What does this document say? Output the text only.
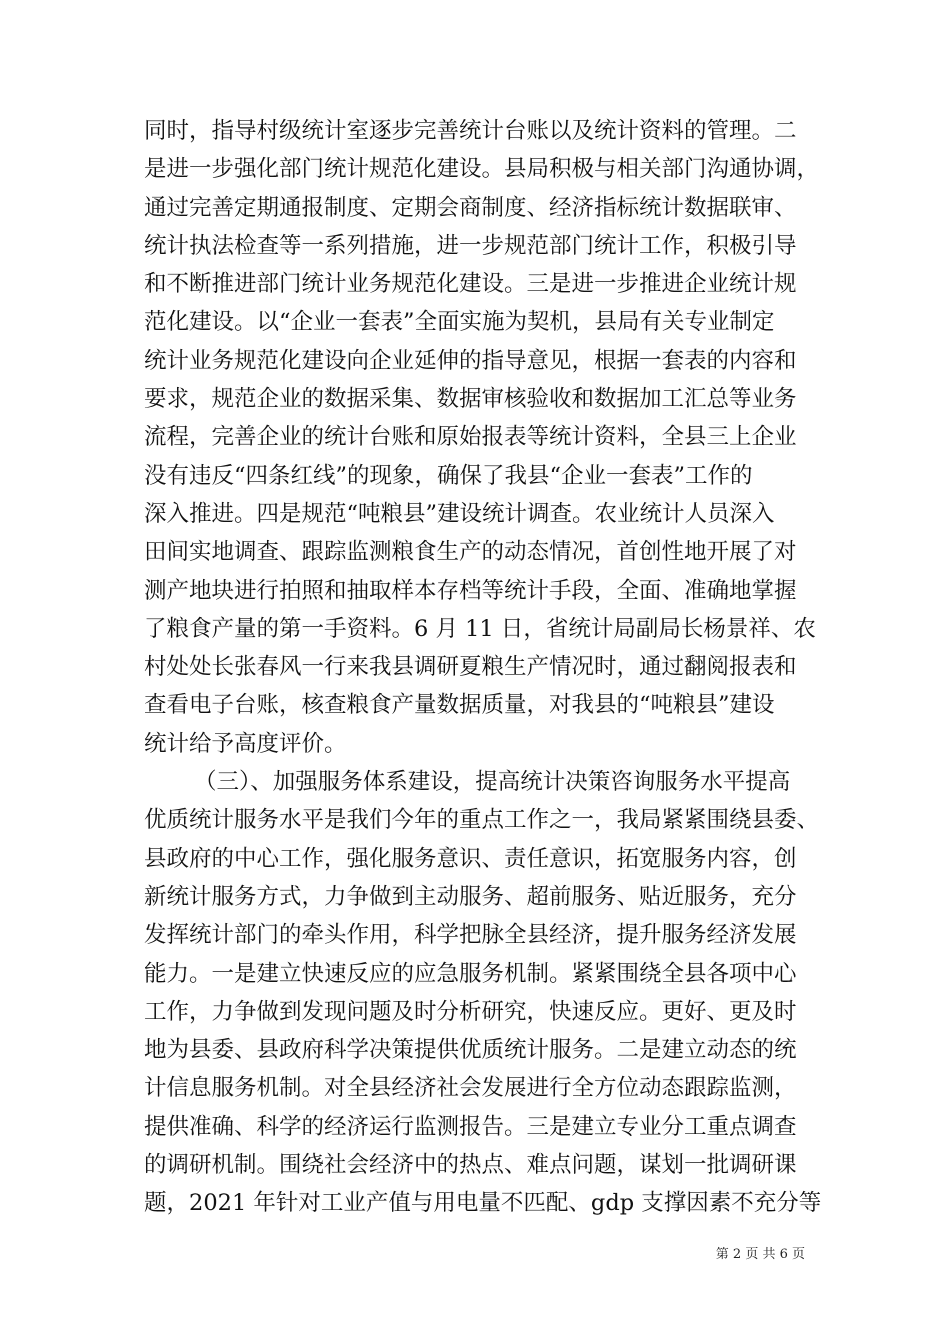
同时，指导村级统计室逐步完善统计台账以及统计资料的管理。二
是进一步强化部门统计规范化建设。县局积极与相关部门沟通协调，
通过完善定期通报制度、定期会商制度、经济指标统计数据联审、
统计执法检查等一系列措施，进一步规范部门统计工作，积极引导
和不断推进部门统计业务规范化建设。三是进一步推进企业统计规
范化建设。以“企业一套表”全面实施为契机，县局有关专业制定
统计业务规范化建设向企业延伸的指导意见，根据一套表的内容和
要求，规范企业的数据采集、数据审核验收和数据加工汇总等业务
流程，完善企业的统计台账和原始报表等统计资料，全县三上企业
没有违反“四条红线”的现象，确保了我县“企业一套表”工作的
深入推进。四是规范“吨粮县”建设统计调查。农业统计人员深入
田间实地调查、跟踪监测粮食生产的动态情况，首创性地开展了对
测产地块进行拍照和抽取样本存档等统计手段，全面、准确地掌握
了粮食产量的第一手资料。6 月 11 日，省统计局副局长杨景祥、农
村处处长张春风一行来我县调研夏粮生产情况时，通过翻阅报表和
查看电子台账，核查粮食产量数据质量，对我县的“吨粮县”建设
统计给予高度评价。
（三）、加强服务体系建设，提高统计决策咨询服务水平提高
优质统计服务水平是我们今年的重点工作之一，我局紧紧围绕县委、
县政府的中心工作，强化服务意识、责任意识，拓宽服务内容，创
新统计服务方式，力争做到主动服务、超前服务、贴近服务，充分
发挥统计部门的牵头作用，科学把脉全县经济，提升服务经济发展
能力。一是建立快速反应的应急服务机制。紧紧围绕全县各项中心
工作，力争做到发现问题及时分析研究，快速反应。更好、更及时
地为县委、县政府科学决策提供优质统计服务。二是建立动态的统
计信息服务机制。对全县经济社会发展进行全方位动态跟踪监测，
提供准确、科学的经济运行监测报告。三是建立专业分工重点调查
的调研机制。围绕社会经济中的热点、难点问题，谋划一批调研课
题，2021 年针对工业产值与用电量不匹配、gdp 支撑因素不充分等
第 2 页 共 6 页
